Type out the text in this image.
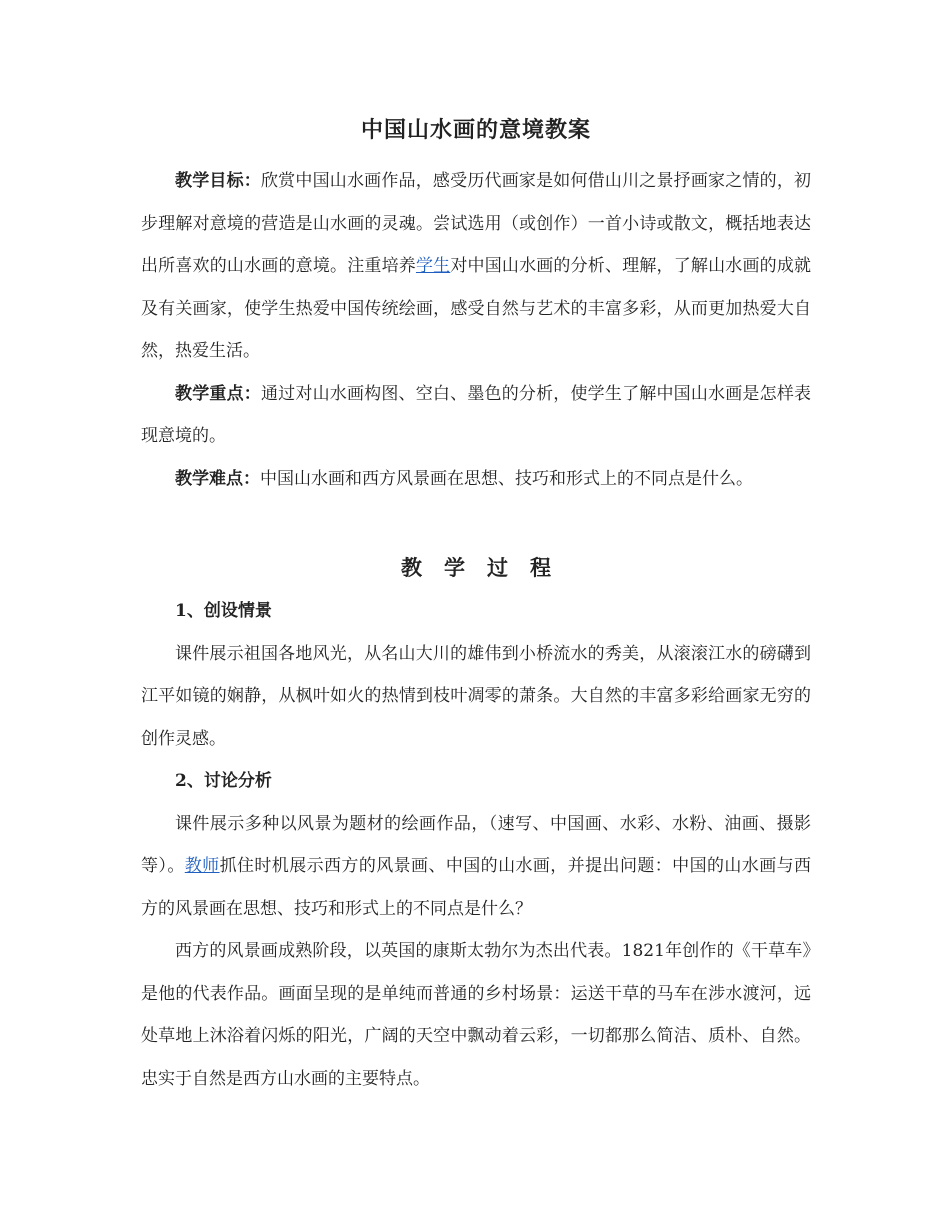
中国山水画的意境教案

教学目标：欣赏中国山水画作品，感受历代画家是如何借山川之景抒画家之情的，初步理解对意境的营造是山水画的灵魂。尝试选用（或创作）一首小诗或散文，概括地表达出所喜欢的山水画的意境。注重培养学生对中国山水画的分析、理解，了解山水画的成就及有关画家，使学生热爱中国传统绘画，感受自然与艺术的丰富多彩，从而更加热爱大自然，热爱生活。

教学重点：通过对山水画构图、空白、墨色的分析，使学生了解中国山水画是怎样表现意境的。

教学难点：中国山水画和西方风景画在思想、技巧和形式上的不同点是什么。

教学过程

1、创设情景

课件展示祖国各地风光，从名山大川的雄伟到小桥流水的秀美，从滚滚江水的磅礴到江平如镜的娴静，从枫叶如火的热情到枝叶凋零的萧条。大自然的丰富多彩给画家无穷的创作灵感。

2、讨论分析

课件展示多种以风景为题材的绘画作品，（速写、中国画、水彩、水粉、油画、摄影等）。教师抓住时机展示西方的风景画、中国的山水画，并提出问题：中国的山水画与西方的风景画在思想、技巧和形式上的不同点是什么？

西方的风景画成熟阶段，以英国的康斯太勃尔为杰出代表。1821年创作的《干草车》是他的代表作品。画面呈现的是单纯而普通的乡村场景：运送干草的马车在涉水渡河，远处草地上沐浴着闪烁的阳光，广阔的天空中飘动着云彩，一切都那么简洁、质朴、自然。忠实于自然是西方山水画的主要特点。
